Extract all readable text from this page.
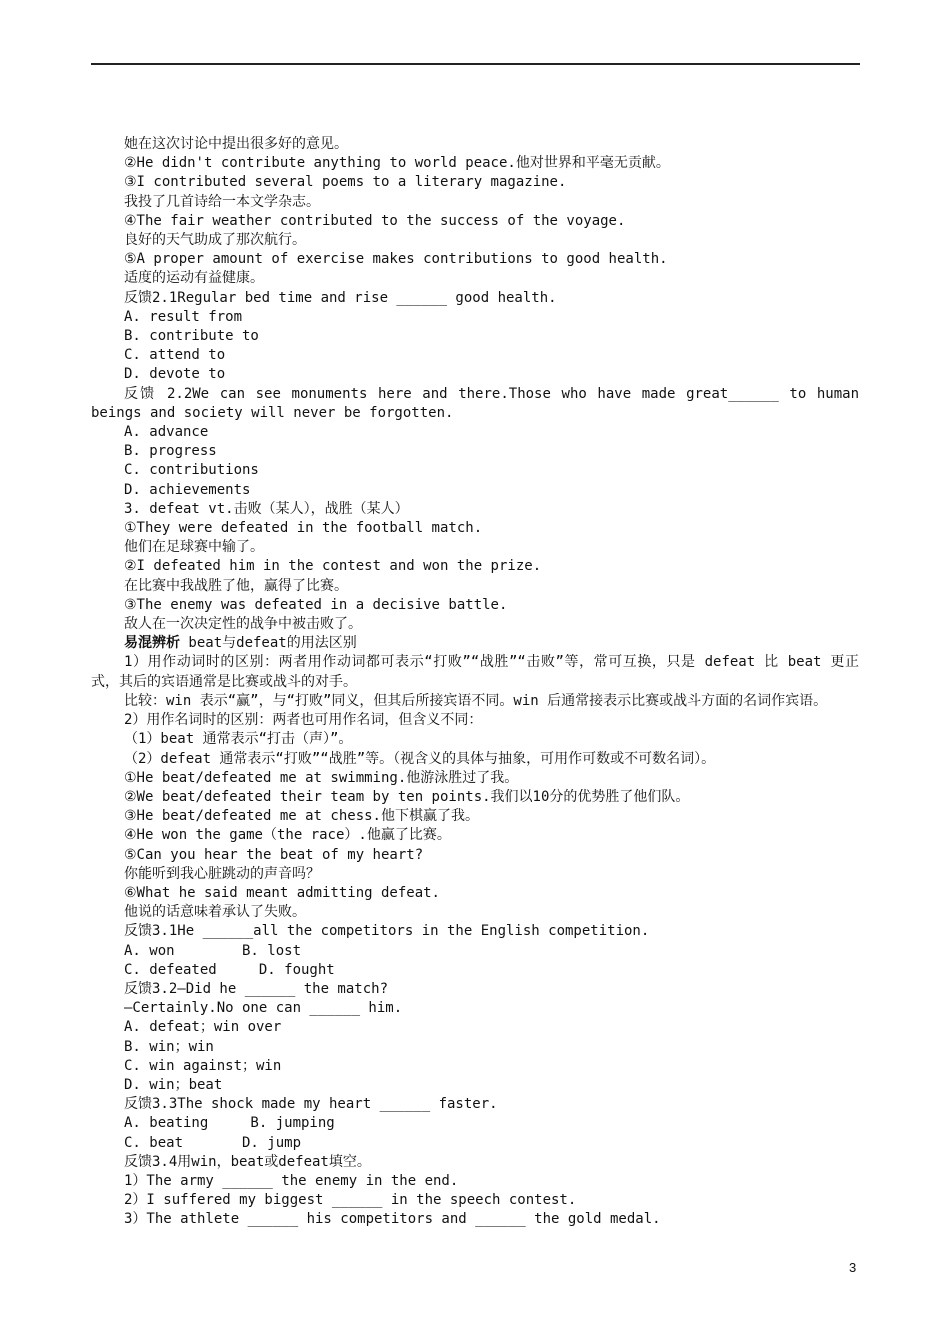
她在这次讨论中提出很多好的意见。
②He didn't contribute anything to world peace.他对世界和平毫无贡献。
③I contributed several poems to a literary magazine.
我投了几首诗给一本文学杂志。
④The fair weather contributed to the success of the voyage.
良好的天气助成了那次航行。
⑤A proper amount of exercise makes contributions to good health.
适度的运动有益健康。
反馈2.1Regular bed time and rise ______ good health.
A. result from
B. contribute to
C. attend to
D. devote to
反馈 2.2We can see monuments here and there.Those who have made great______ to human beings and society will never be forgotten.
A. advance
B. progress
C. contributions
D. achievements
3. defeat vt.击败（某人），战胜（某人）
①They were defeated in the football match.
他们在足球赛中输了。
②I defeated him in the contest and won the prize.
在比赛中我战胜了他，赢得了比赛。
③The enemy was defeated in a decisive battle.
敌人在一次决定性的战争中被击败了。
易混辨析 beat与defeat的用法区别
1）用作动词时的区别：两者用作动词都可表示“打败”“战胜”“击败”等，常可互换，只是 defeat 比 beat 更正式，其后的宾语通常是比赛或战斗的对手。
比较：win 表示“赢”，与“打败”同义，但其后所接宾语不同。win 后通常接表示比赛或战斗方面的名词作宾语。
2）用作名词时的区别：两者也可用作名词，但含义不同：
（1）beat 通常表示“打击（声）”。
（2）defeat 通常表示“打败”“战胜”等。（视含义的具体与抽象，可用作可数或不可数名词）。
①He beat/defeated me at swimming.他游泳胜过了我。
②We beat/defeated their team by ten points.我们以10分的优势胜了他们队。
③He beat/defeated me at chess.他下棋赢了我。
④He won the game（the race）.他赢了比赛。
⑤Can you hear the beat of my heart?
你能听到我心脏跳动的声音吗？
⑥What he said meant admitting defeat.
他说的话意味着承认了失败。
反馈3.1He ______all the competitors in the English competition.
A. won        B. lost
C. defeated     D. fought
反馈3.2—Did he ______ the match?
—Certainly.No one can ______ him.
A. defeat；win over
B. win；win
C. win against；win
D. win；beat
反馈3.3The shock made my heart ______ faster.
A. beating     B. jumping
C. beat       D. jump
反馈3.4用win，beat或defeat填空。
1）The army ______ the enemy in the end.
2）I suffered my biggest ______ in the speech contest.
3）The athlete ______ his competitors and ______ the gold medal.
3
